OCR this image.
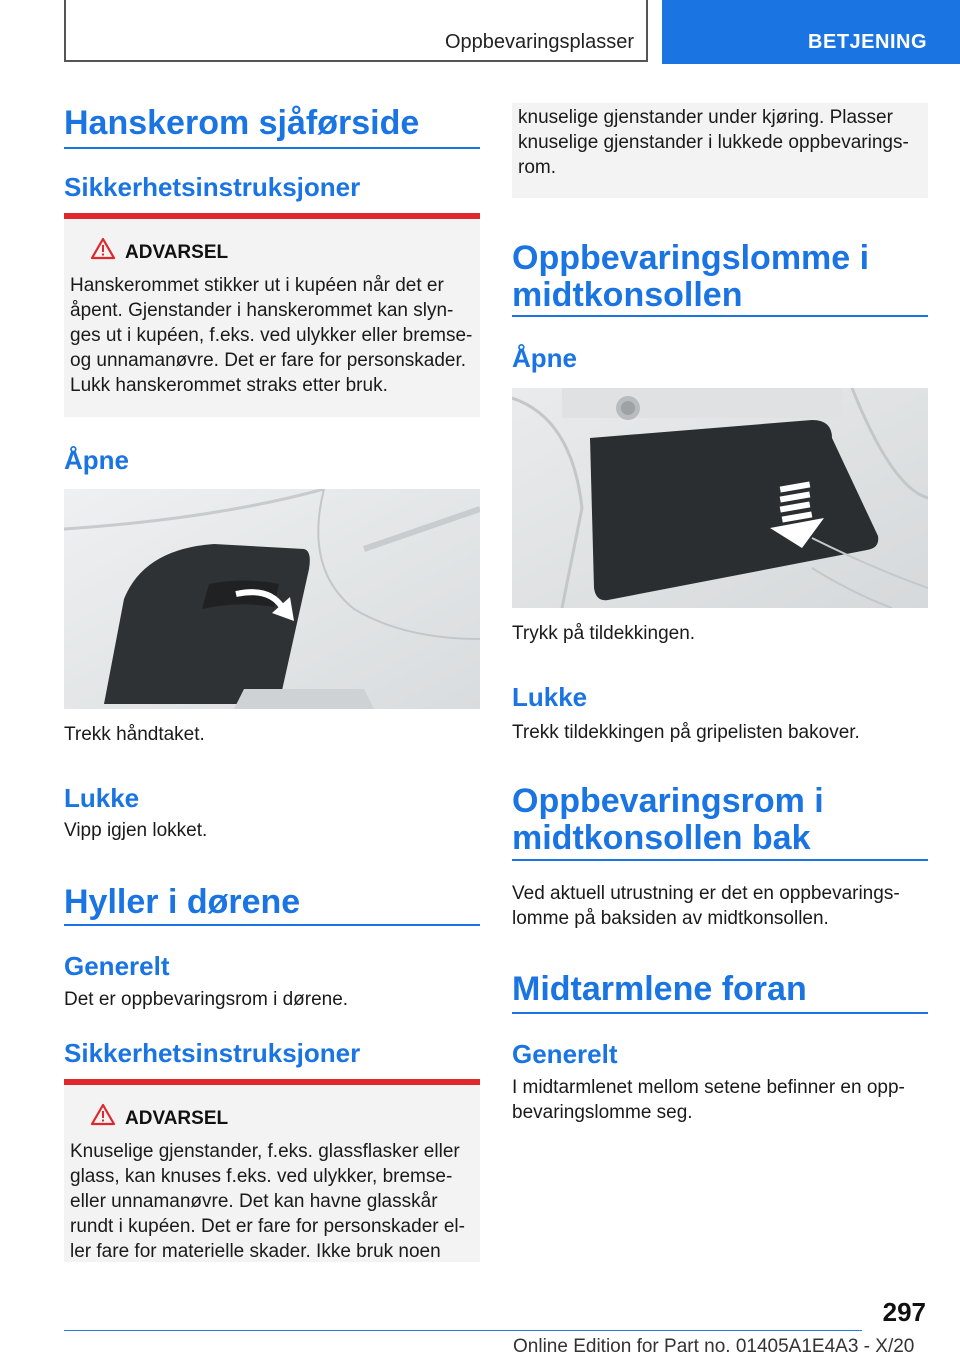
Oppbevaringsplasser	BETJENING
Hanskerom sjåførside
Sikkerhetsinstruksjoner
ADVARSEL
Hanskerommet stikker ut i kupéen når det er
åpent. Gjenstander i hanskerommet kan slyn-
ges ut i kupéen, f.eks. ved ulykker eller bremse-
og unnamanøvre. Det er fare for personskader.
Lukk hanskerommet straks etter bruk.
Åpne
Trekk håndtaket.
Lukke
Vipp igjen lokket.
Hyller i dørene
Generelt
Det er oppbevaringsrom i dørene.
Sikkerhetsinstruksjoner
ADVARSEL
Knuselige gjenstander, f.eks. glassflasker eller
glass, kan knuses f.eks. ved ulykker, bremse-
eller unnamanøvre. Det kan havne glasskår
rundt i kupéen. Det er fare for personskader el-
ler fare for materielle skader. Ikke bruk noen
knuselige gjenstander under kjøring. Plasser
knuselige gjenstander i lukkede oppbevarings-
rom.
Oppbevaringslomme i
midtkonsollen
Åpne
Trykk på tildekkingen.
Lukke
Trekk tildekkingen på gripelisten bakover.
Oppbevaringsrom i
midtkonsollen bak
Ved aktuell utrustning er det en oppbevarings-
lomme på baksiden av midtkonsollen.
Midtarmlene foran
Generelt
I midtarmlenet mellom setene befinner en opp-
bevaringslomme seg.
297
Online Edition for Part no. 01405A1E4A3 - X/20
